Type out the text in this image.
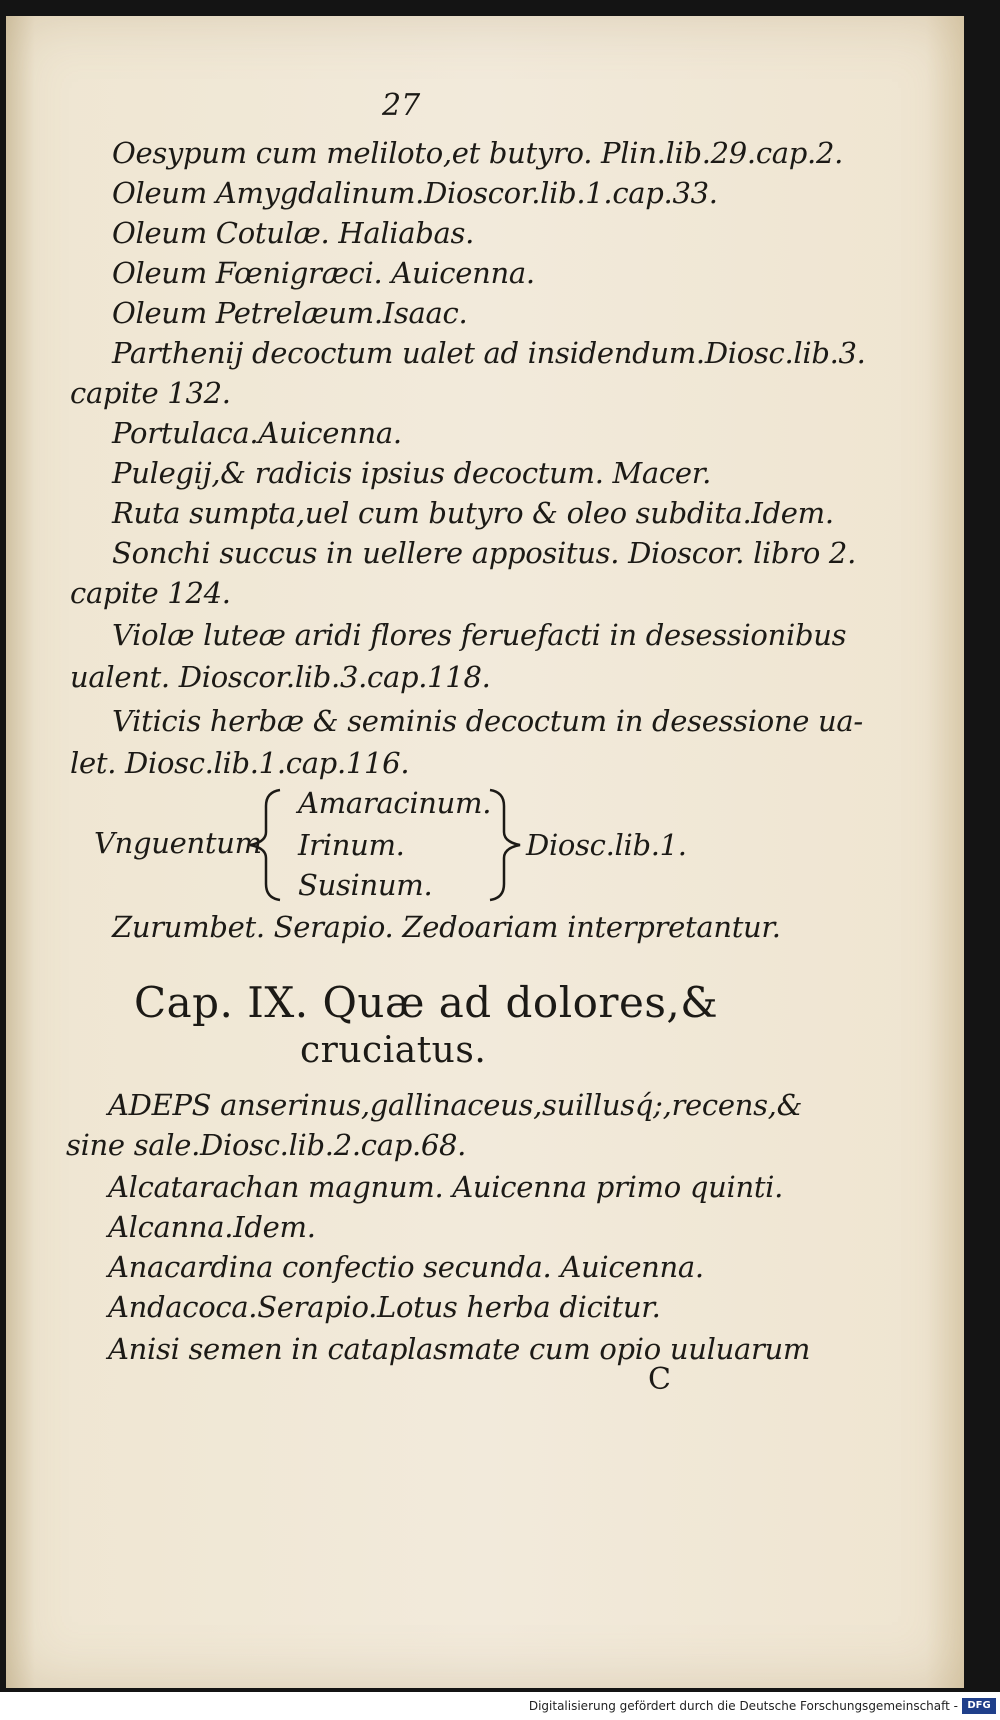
27
Oesypum cum meliloto,et butyro. Plin.lib.29.cap.2.
Oleum Amygdalinum.Dioscor.lib.1.cap.33.
Oleum Cotulæ. Haliabas.
Oleum Fœnigræci. Auicenna.
Oleum Petrelæum.Isaac.
Parthenij decoctum ualet ad insidendum.Diosc.lib.3.
capite 132.
Portulaca.Auicenna.
Pulegij,& radicis ipsius decoctum. Macer.
Ruta sumpta,uel cum butyro & oleo subdita.Idem.
Sonchi succus in uellere appositus. Dioscor. libro 2.
capite 124.
Violæ luteæ aridi flores feruefacti in desessionibus
ualent. Dioscor.lib.3.cap.118.
Viticis herbæ & seminis decoctum in desessione ua-
let. Diosc.lib.1.cap.116.
Vnguentum
Amaracinum.
Irinum.
Susinum.
Diosc.lib.1.
Zurumbet. Serapio. Zedoariam interpretantur.
Cap. IX. Quæ ad dolores,&
cruciatus.
ADEPS anserinus,gallinaceus,suillusq́;,recens,&
sine sale.Diosc.lib.2.cap.68.
Alcatarachan magnum. Auicenna primo quinti.
Alcanna.Idem.
Anacardina confectio secunda. Auicenna.
Andacoca.Serapio.Lotus herba dicitur.
Anisi semen in cataplasmate cum opio uuluarum
C
Digitalisierung gefördert durch die Deutsche Forschungsgemeinschaft - DFG
